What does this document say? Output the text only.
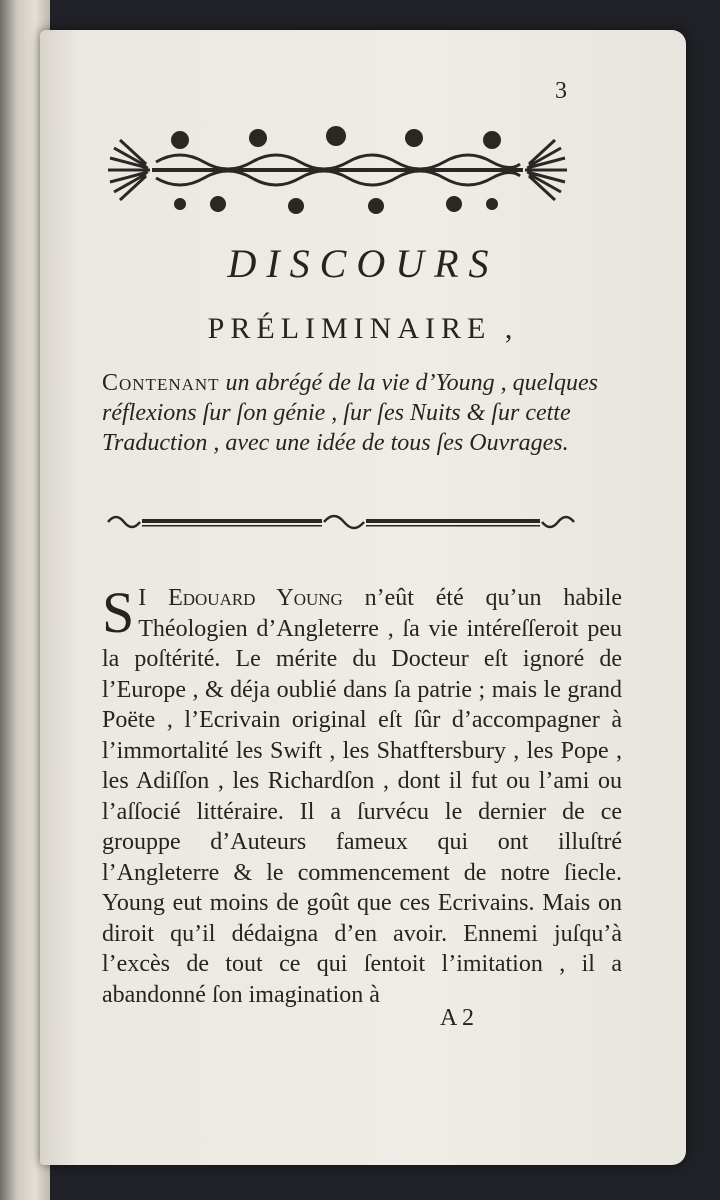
3
DISCOURS
PRÉLIMINAIRE ,
Contenant un abrégé de la vie d’Young , quelques réflexions ſur ſon génie , ſur ſes Nuits & ſur cette Traduction , avec une idée de tous ſes Ouvrages.
S I Edouard Young n’eût été qu’un habile Théologien d’Angleterre , ſa vie intéreſſeroit peu la poſtérité. Le mérite du Docteur eſt ignoré de l’Europe , & déja oublié dans ſa patrie ; mais le grand Poëte , l’Ecrivain original eſt ſûr d’accompagner à l’immortalité les Swift , les Shatftersbury , les Pope , les Adiſſon , les Richardſon , dont il fut ou l’ami ou l’aſſocié littéraire. Il a ſurvécu le dernier de ce grouppe d’Auteurs fameux qui ont illuſtré l’Angleterre & le commencement de notre ſiecle. Young eut moins de goût que ces Ecrivains. Mais on diroit qu’il dédaigna d’en avoir. Ennemi juſqu’à l’excès de tout ce qui ſentoit l’imitation , il a abandonné ſon imagination à
A 2
